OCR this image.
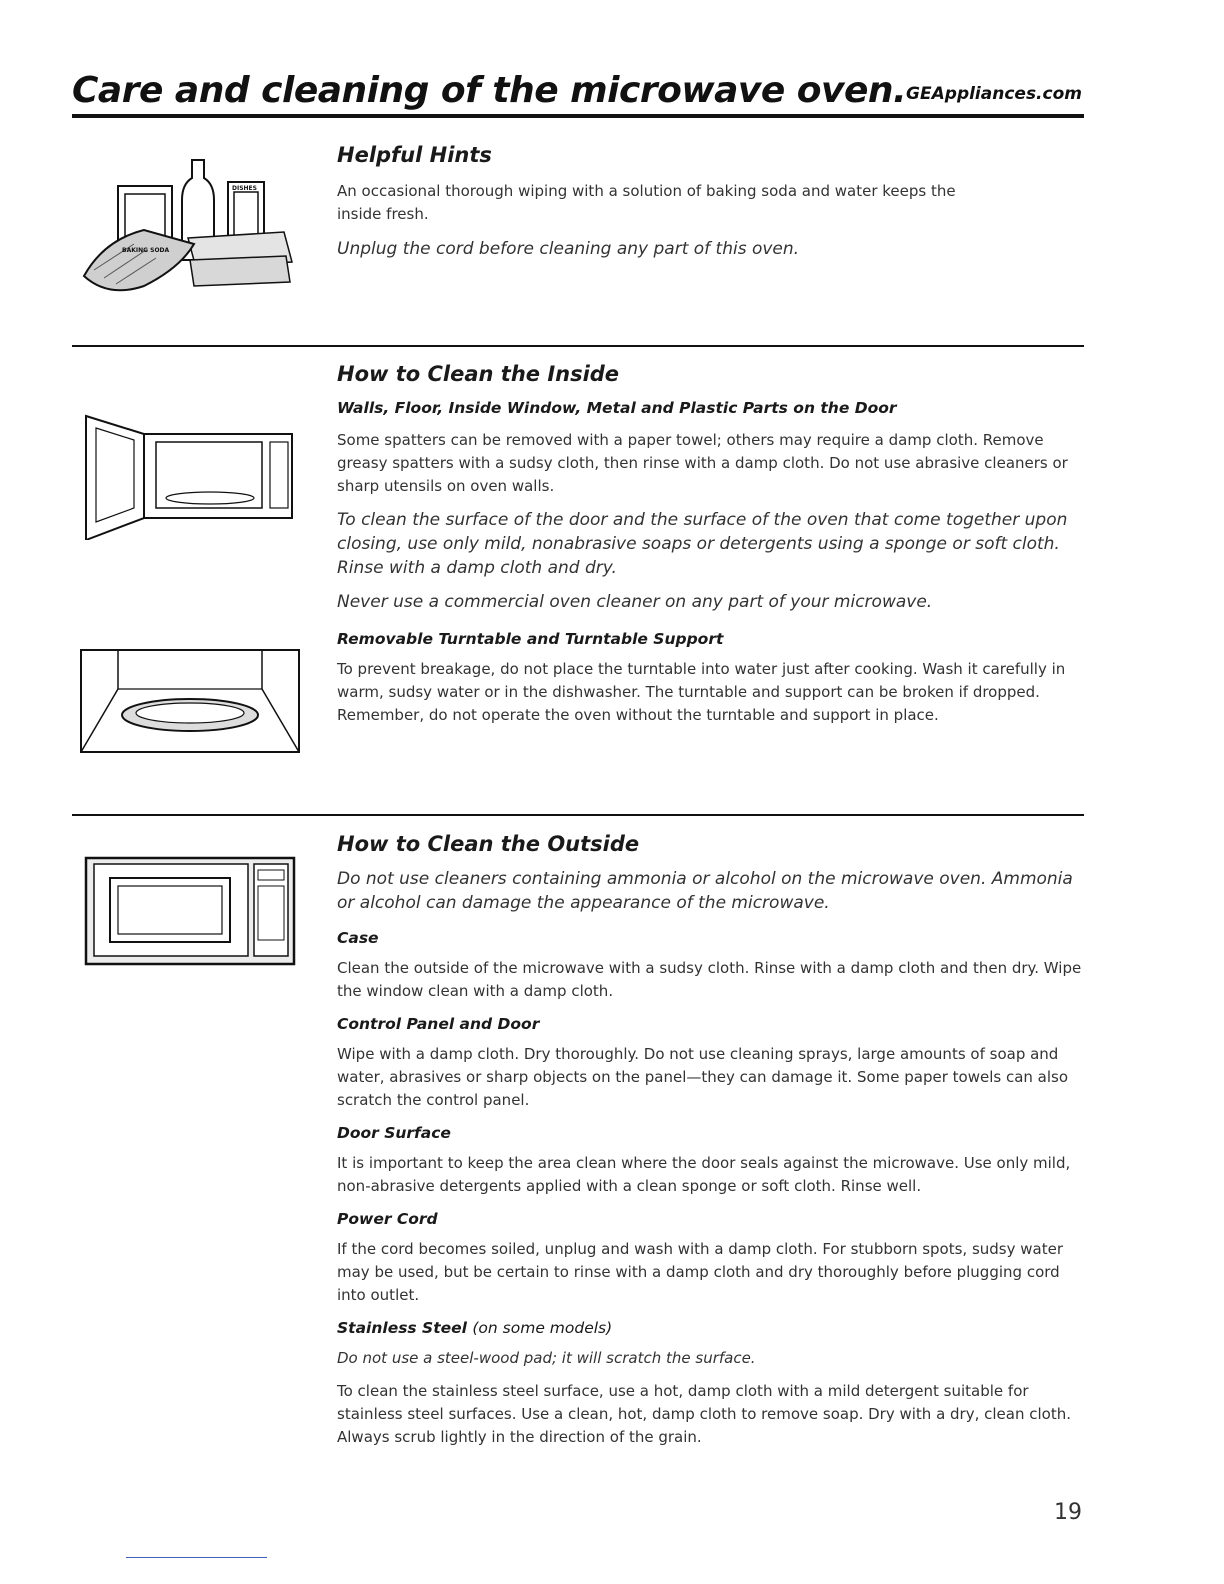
Care and cleaning of the microwave oven. GEAppliances.com
BAKING SODA
DISHES
Helpful Hints
An occasional thorough wiping with a solution of baking soda and water keeps the inside fresh.
Unplug the cord before cleaning any part of this oven.
How to Clean the Inside
Walls, Floor, Inside Window, Metal and Plastic Parts on the Door
Some spatters can be removed with a paper towel; others may require a damp cloth. Remove greasy spatters with a sudsy cloth, then rinse with a damp cloth. Do not use abrasive cleaners or sharp utensils on oven walls.
To clean the surface of the door and the surface of the oven that come together upon closing, use only mild, nonabrasive soaps or detergents using a sponge or soft cloth. Rinse with a damp cloth and dry.
Never use a commercial oven cleaner on any part of your microwave.
Removable Turntable and Turntable Support
To prevent breakage, do not place the turntable into water just after cooking. Wash it carefully in warm, sudsy water or in the dishwasher. The turntable and support can be broken if dropped. Remember, do not operate the oven without the turntable and support in place.
How to Clean the Outside
Do not use cleaners containing ammonia or alcohol on the microwave oven. Ammonia or alcohol can damage the appearance of the microwave.
Case
Clean the outside of the microwave with a sudsy cloth. Rinse with a damp cloth and then dry. Wipe the window clean with a damp cloth.
Control Panel and Door
Wipe with a damp cloth. Dry thoroughly. Do not use cleaning sprays, large amounts of soap and water, abrasives or sharp objects on the panel—they can damage it. Some paper towels can also scratch the control panel.
Door Surface
It is important to keep the area clean where the door seals against the microwave. Use only mild, non-abrasive detergents applied with a clean sponge or soft cloth. Rinse well.
Power Cord
If the cord becomes soiled, unplug and wash with a damp cloth. For stubborn spots, sudsy water may be used, but be certain to rinse with a damp cloth and dry thoroughly before plugging cord into outlet.
Stainless Steel (on some models)
Do not use a steel-wood pad; it will scratch the surface.
To clean the stainless steel surface, use a hot, damp cloth with a mild detergent suitable for stainless steel surfaces. Use a clean, hot, damp cloth to remove soap. Dry with a dry, clean cloth. Always scrub lightly in the direction of the grain.
19
